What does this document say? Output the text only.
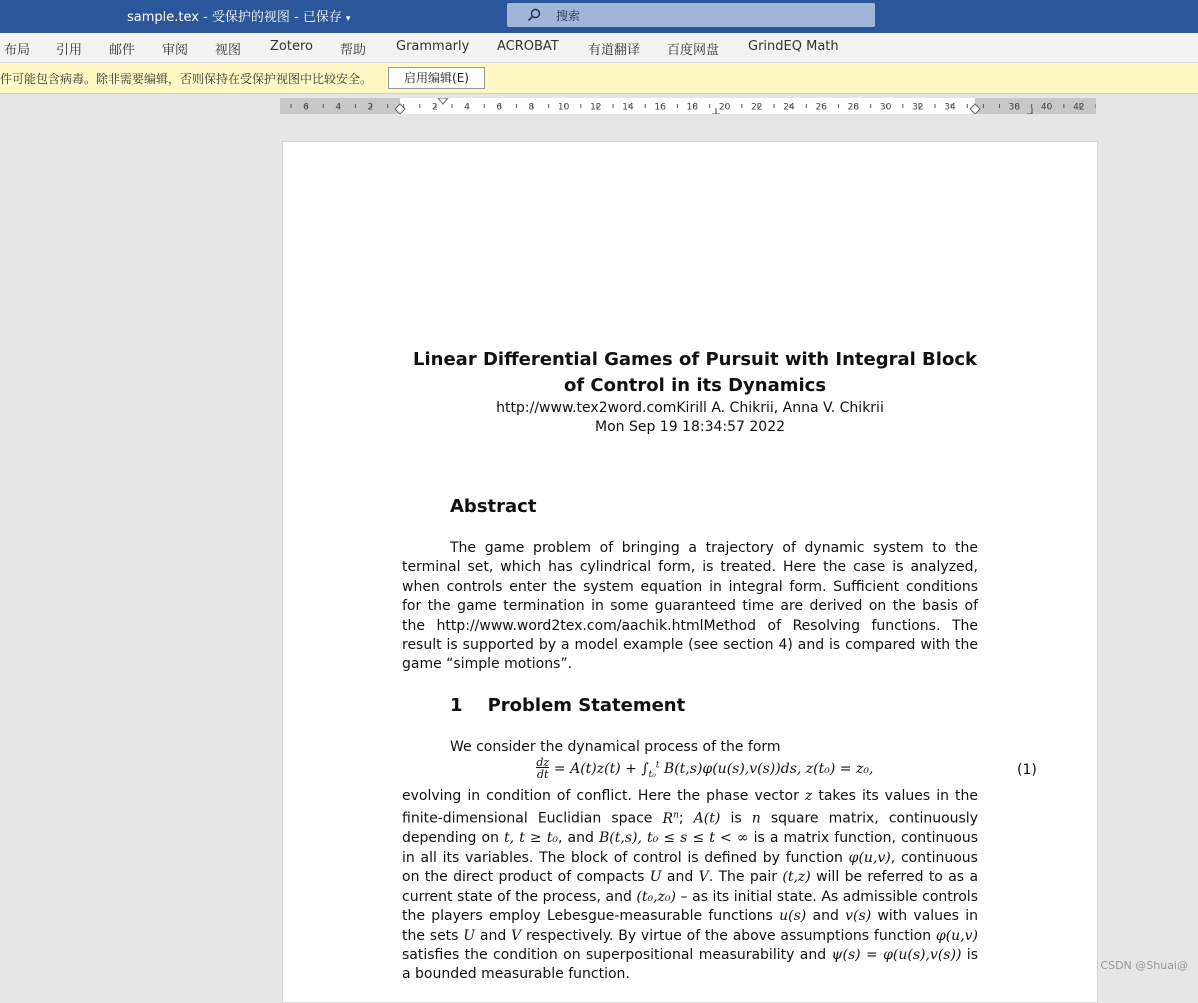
sample.tex - 受保护的视图 - 已保存 ▾	搜索
布局 引用 邮件 审阅 视图 Zotero 帮助 Grammarly ACROBAT 有道翻译 百度网盘 GrindEQ Math
件可能包含病毒。除非需要编辑，否则保持在受保护视图中比较安全。	启用编辑(E)
6	4	2	2	4	6	8	10 12 14 16 18 20 22 24 26 28 30 32 34	38 40 42
Linear Differential Games of Pursuit with Integral Block of Control in its Dynamics
http://www.tex2word.comKirill A. Chikrii, Anna V. Chikrii
Mon Sep 19 18:34:57 2022
Abstract
The game problem of bringing a trajectory of dynamic system to the terminal set, which has cylindrical form, is treated. Here the case is analyzed, when controls enter the system equation in integral form. Sufficient conditions for the game termination in some guaranteed time are derived on the basis of the http://www.word2tex.com/aachik.htmlMethod of Resolving functions. The result is supported by a model example (see section 4) and is compared with the game “simple motions”.
1    Problem Statement
We consider the dynamical process of the form
dz
dt = $A(t)z(t) + \int_{t_0}^t$ B(t,s)φ(u(s),v(s))ds, z(t₀) = z₀,	(1)
evolving in condition of conflict. Here the phase vector z takes its values in the finite-dimensional Euclidian space $R^n$; A(t) is n square matrix, continuously depending on t, t ≥ t₀, and B(t,s), t₀ ≤ s ≤ t < ∞ is a matrix function, continuous in all its variables. The block of control is defined by function φ(u,v), continuous on the direct product of compacts U and V. The pair (t,z) will be referred to as a current state of the process, and (t₀,z₀) – as its initial state. As admissible controls the players employ Lebesgue-measurable functions u(s) and v(s) with values in the sets U and V respectively. By virtue of the above assumptions function φ(u,v) satisfies the condition on superpositional measurability and ψ(s) = φ(u(s),v(s)) is a bounded measurable function.
CSDN @Shuai@
